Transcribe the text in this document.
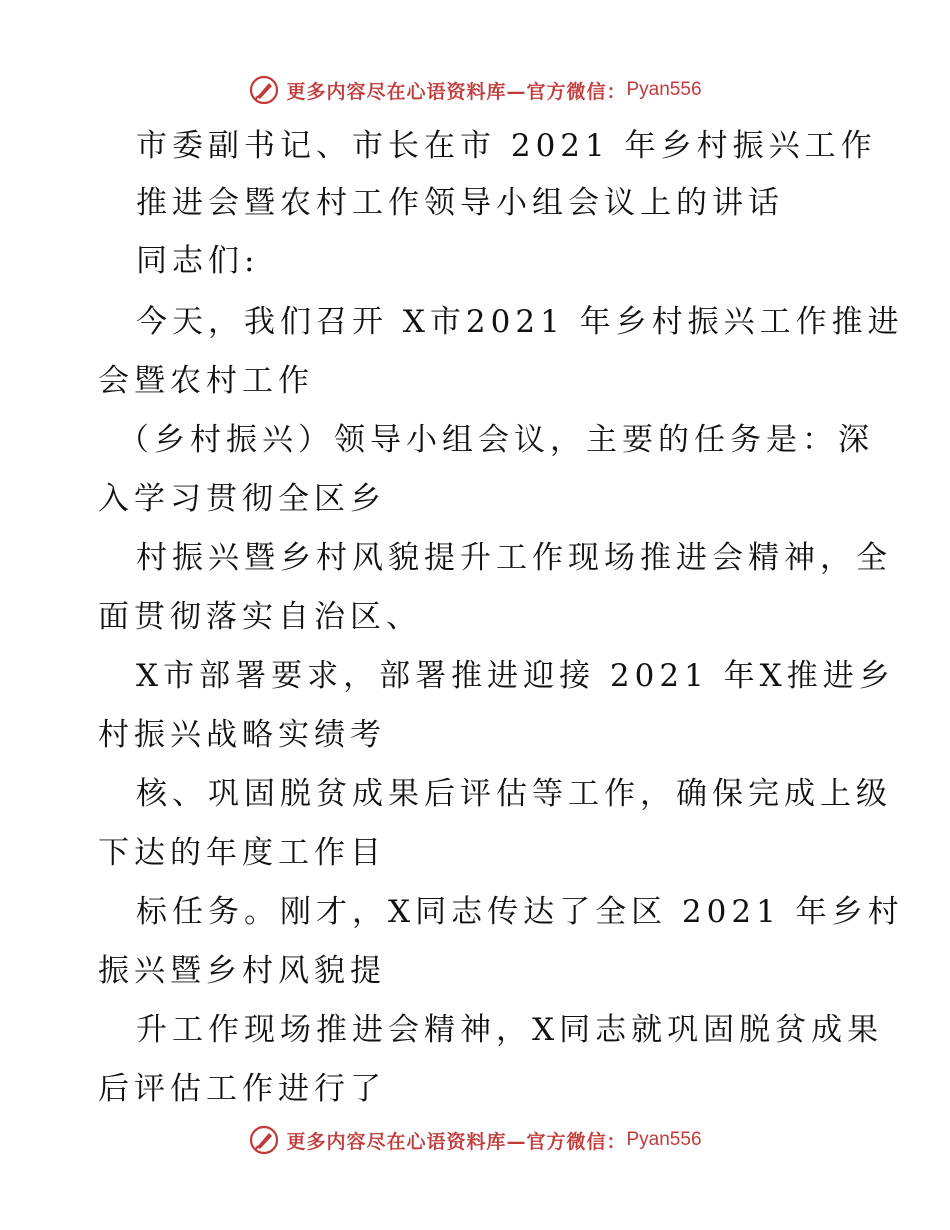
更多内容尽在心语资料库—官方微信： Pyan556
市委副书记、市长在市 2021 年乡村振兴工作
推进会暨农村工作领导小组会议上的讲话
同志们:
今天，我们召开 X市2021 年乡村振兴工作推进
会暨农村工作
（乡村振兴）领导小组会议，主要的任务是：深
入学习贯彻全区乡
村振兴暨乡村风貌提升工作现场推进会精神，全
面贯彻落实自治区、
X市部署要求，部署推进迎接 2021 年X推进乡
村振兴战略实绩考
核、巩固脱贫成果后评估等工作，确保完成上级
下达的年度工作目
标任务。刚才，X同志传达了全区 2021 年乡村
振兴暨乡村风貌提
升工作现场推进会精神，X同志就巩固脱贫成果
后评估工作进行了
更多内容尽在心语资料库—官方微信： Pyan556
